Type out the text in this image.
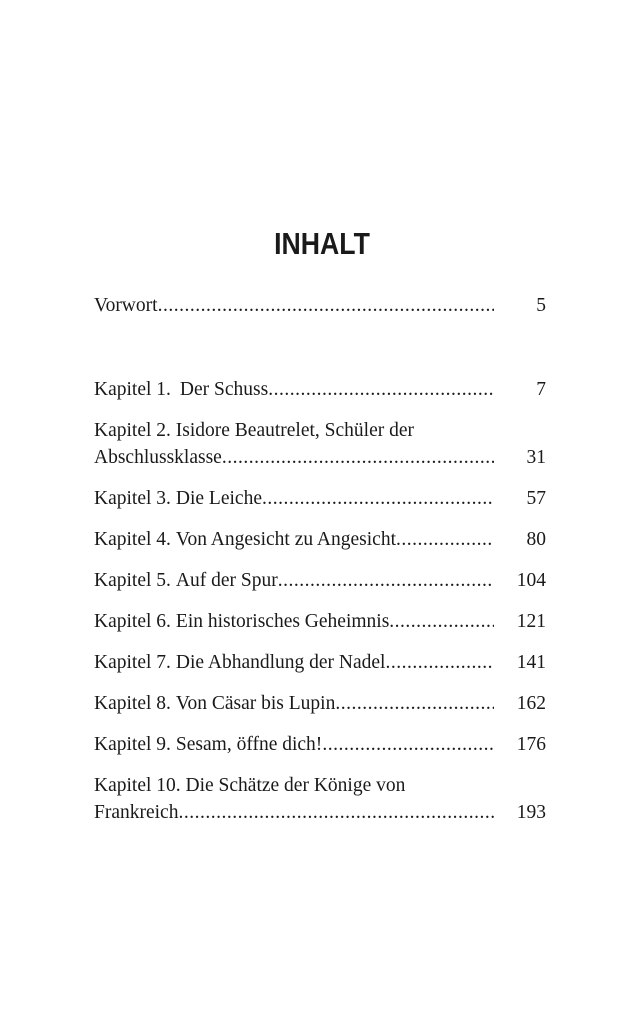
INHALT
Vorwort .....	5
Kapitel 1. Der Schuss .....	7
Kapitel 2. Isidore Beautrelet, Schüler der
Abschlussklasse .....	31
Kapitel 3. Die Leiche .....	57
Kapitel 4. Von Angesicht zu Angesicht .....	80
Kapitel 5. Auf der Spur .....	104
Kapitel 6. Ein historisches Geheimnis .....	121
Kapitel 7. Die Abhandlung der Nadel .....	141
Kapitel 8. Von Cäsar bis Lupin .....	162
Kapitel 9. Sesam, öffne dich! .....	176
Kapitel 10. Die Schätze der Könige von
Frankreich .....	193
